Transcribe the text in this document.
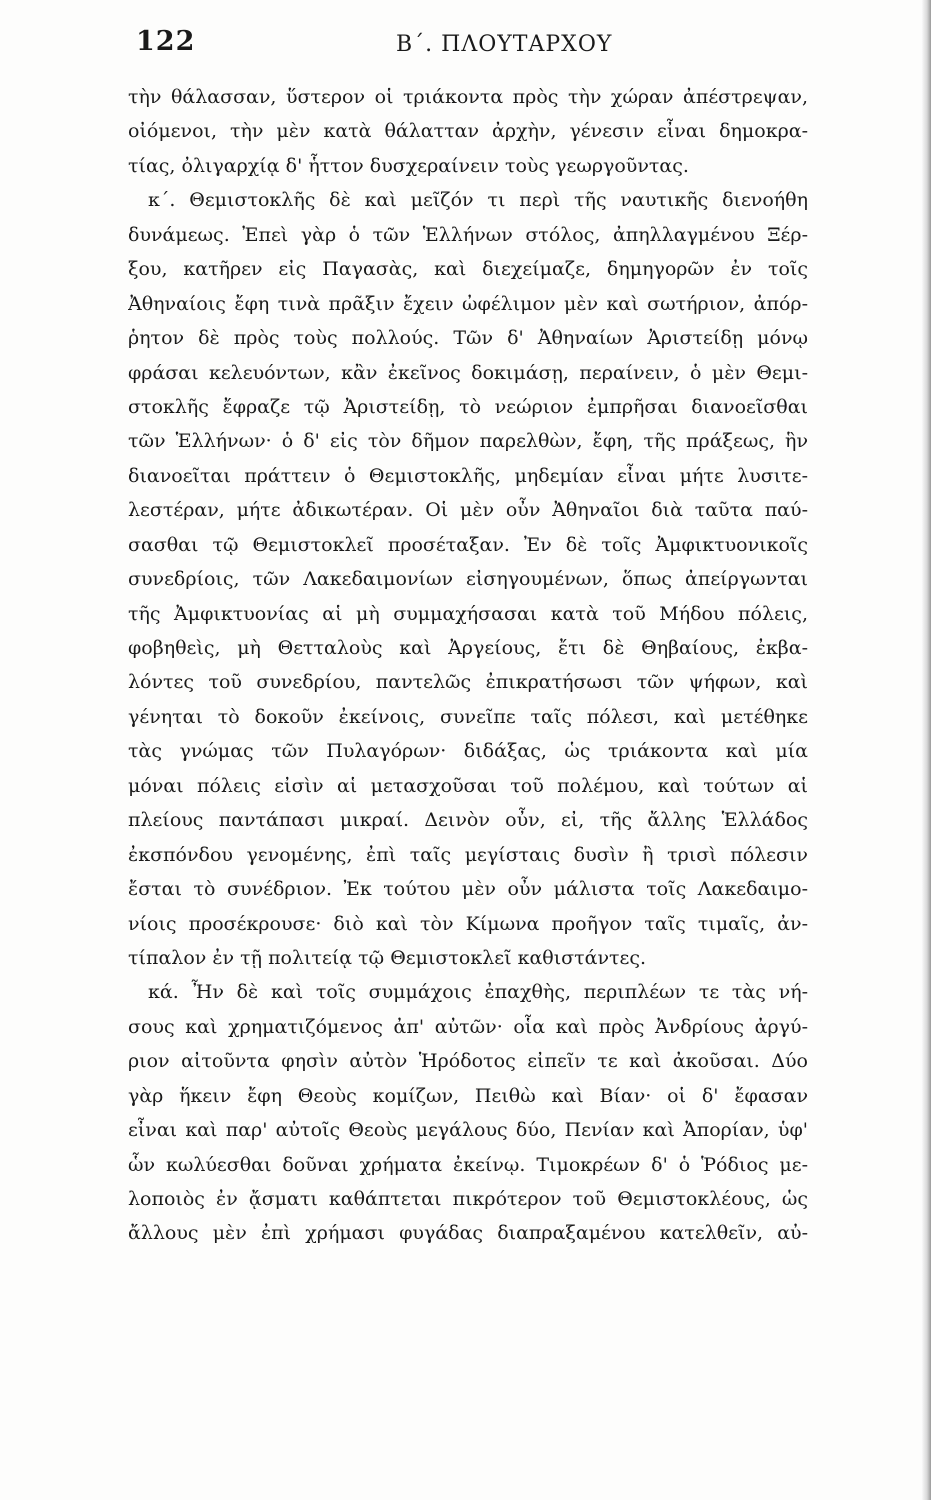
122	Β΄. ΠΛΟΥΤΑΡΧΟΥ
τὴν θάλασσαν, ὕστερον οἱ τριάκοντα πρὸς τὴν χώραν ἀπέστρεψαν,
οἰόμενοι, τὴν μὲν κατὰ θάλατταν ἀρχὴν, γένεσιν εἶναι δημοκρα-
τίας, ὀλιγαρχίᾳ δ' ἧττον δυσχεραίνειν τοὺς γεωργοῦντας.
κ΄. Θεμιστοκλῆς δὲ καὶ μεῖζόν τι περὶ τῆς ναυτικῆς διενοήθη
δυνάμεως. Ἐπεὶ γὰρ ὁ τῶν Ἑλλήνων στόλος, ἀπηλλαγμένου Ξέρ-
ξου, κατῆρεν εἰς Παγασὰς, καὶ διεχείμαζε, δημηγορῶν ἐν τοῖς
Ἀθηναίοις ἔφη τινὰ πρᾶξιν ἔχειν ὠφέλιμον μὲν καὶ σωτήριον, ἀπόρ-
ῥητον δὲ πρὸς τοὺς πολλούς. Τῶν δ' Ἀθηναίων Ἀριστείδῃ μόνῳ
φράσαι κελευόντων, κἂν ἐκεῖνος δοκιμάσῃ, περαίνειν, ὁ μὲν Θεμι-
στοκλῆς ἔφραζε τῷ Ἀριστείδῃ, τὸ νεώριον ἐμπρῆσαι διανοεῖσθαι
τῶν Ἑλλήνων· ὁ δ' εἰς τὸν δῆμον παρελθὼν, ἔφη, τῆς πράξεως, ἣν
διανοεῖται πράττειν ὁ Θεμιστοκλῆς, μηδεμίαν εἶναι μήτε λυσιτε-
λεστέραν, μήτε ἀδικωτέραν. Οἱ μὲν οὖν Ἀθηναῖοι διὰ ταῦτα παύ-
σασθαι τῷ Θεμιστοκλεῖ προσέταξαν. Ἐν δὲ τοῖς Ἀμφικτυονικοῖς
συνεδρίοις, τῶν Λακεδαιμονίων εἰσηγουμένων, ὅπως ἀπείργωνται
τῆς Ἀμφικτυονίας αἱ μὴ συμμαχήσασαι κατὰ τοῦ Μήδου πόλεις,
φοβηθεὶς, μὴ Θετταλοὺς καὶ Ἀργείους, ἔτι δὲ Θηβαίους, ἐκβα-
λόντες τοῦ συνεδρίου, παντελῶς ἐπικρατήσωσι τῶν ψήφων, καὶ
γένηται τὸ δοκοῦν ἐκείνοις, συνεῖπε ταῖς πόλεσι, καὶ μετέθηκε
τὰς γνώμας τῶν Πυλαγόρων· διδάξας, ὡς τριάκοντα καὶ μία
μόναι πόλεις εἰσὶν αἱ μετασχοῦσαι τοῦ πολέμου, καὶ τούτων αἱ
πλείους παντάπασι μικραί. Δεινὸν οὖν, εἰ, τῆς ἄλλης Ἑλλάδος
ἐκσπόνδου γενομένης, ἐπὶ ταῖς μεγίσταις δυσὶν ἢ τρισὶ πόλεσιν
ἔσται τὸ συνέδριον. Ἐκ τούτου μὲν οὖν μάλιστα τοῖς Λακεδαιμο-
νίοις προσέκρουσε· διὸ καὶ τὸν Κίμωνα προῆγον ταῖς τιμαῖς, ἀν-
τίπαλον ἐν τῇ πολιτείᾳ τῷ Θεμιστοκλεῖ καθιστάντες.
κά. Ἦν δὲ καὶ τοῖς συμμάχοις ἐπαχθὴς, περιπλέων τε τὰς νή-
σους καὶ χρηματιζόμενος ἀπ' αὐτῶν· οἷα καὶ πρὸς Ἀνδρίους ἀργύ-
ριον αἰτοῦντα φησὶν αὐτὸν Ἡρόδοτος εἰπεῖν τε καὶ ἀκοῦσαι. Δύο
γὰρ ἥκειν ἔφη Θεοὺς κομίζων, Πειθὼ καὶ Βίαν· οἱ δ' ἔφασαν
εἶναι καὶ παρ' αὐτοῖς Θεοὺς μεγάλους δύο, Πενίαν καὶ Ἀπορίαν, ὑφ'
ὧν κωλύεσθαι δοῦναι χρήματα ἐκείνῳ. Τιμοκρέων δ' ὁ Ῥόδιος με-
λοποιὸς ἐν ᾄσματι καθάπτεται πικρότερον τοῦ Θεμιστοκλέους, ὡς
ἄλλους μὲν ἐπὶ χρήμασι φυγάδας διαπραξαμένου κατελθεῖν, αὐ-
